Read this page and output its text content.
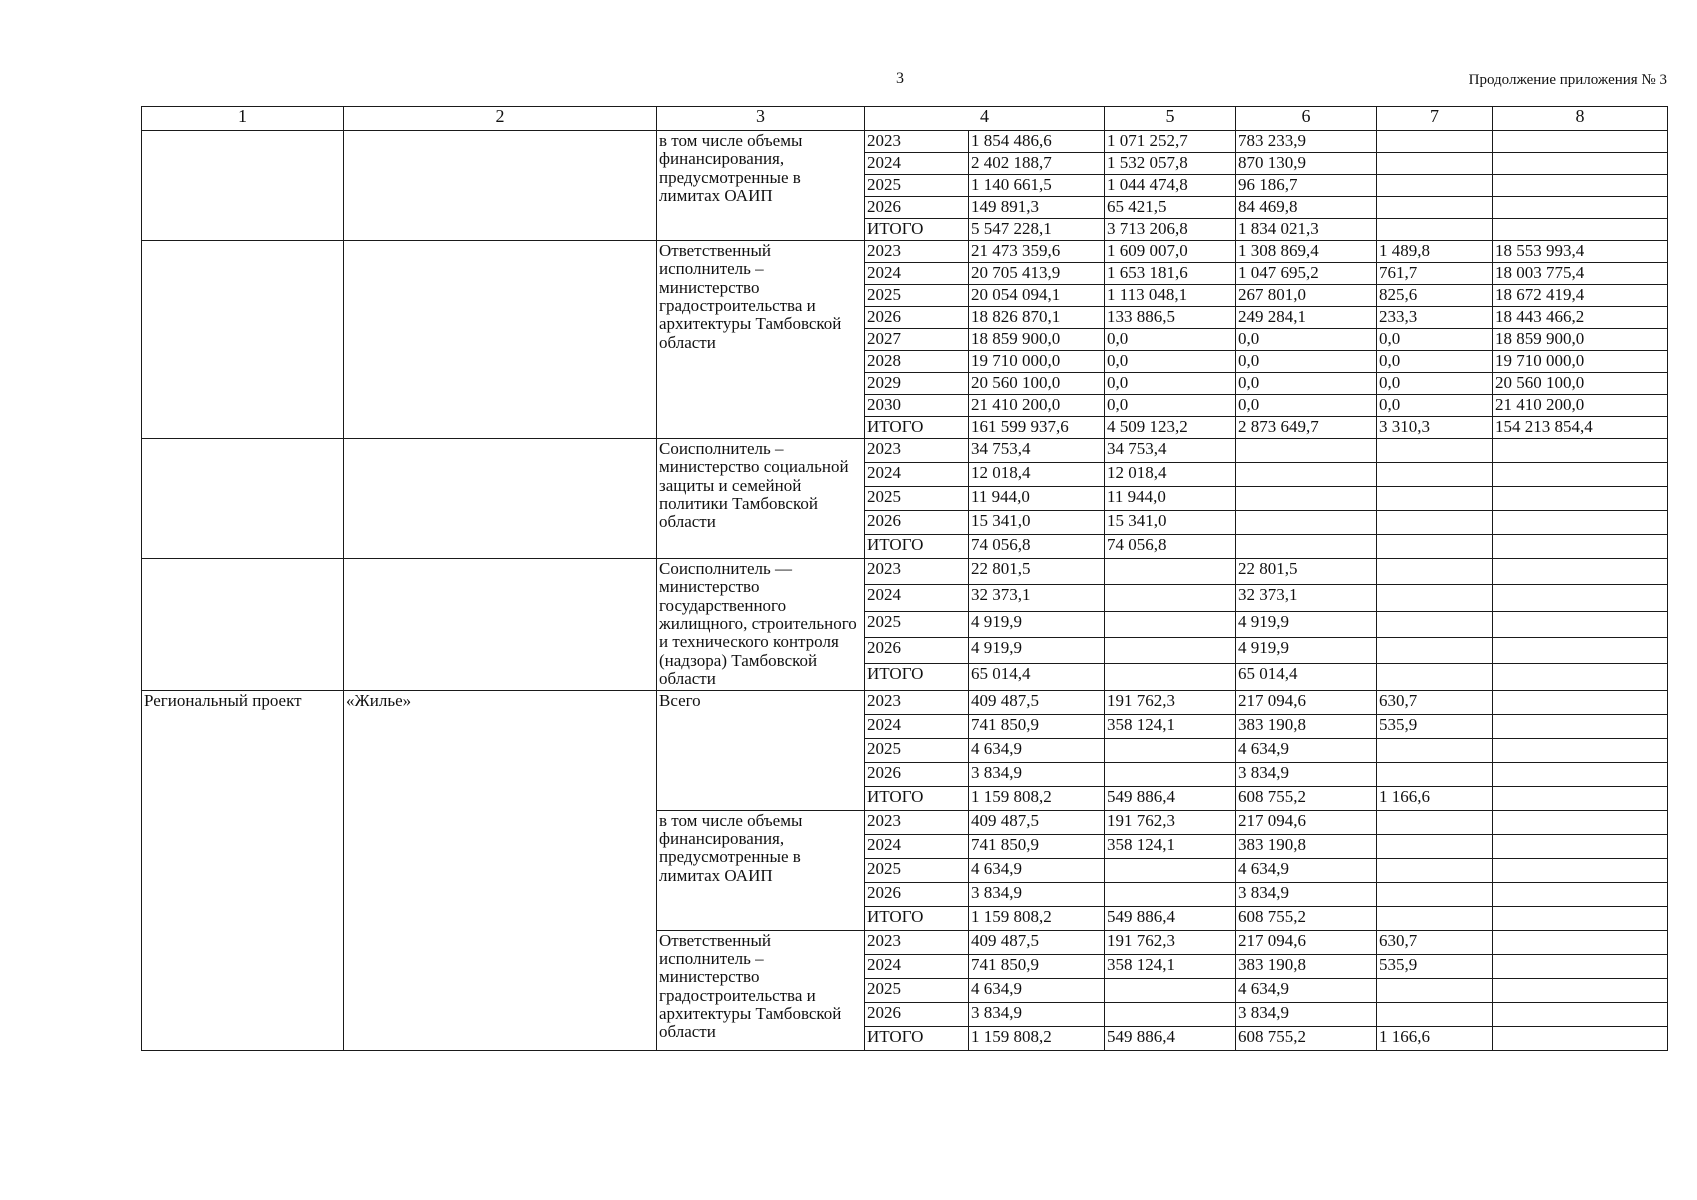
3	Продолжение приложения № 3
1	2	3	4		5	6	7	8
		в том числе объемы финансирования, предусмотренные в лимитах ОАИП	2023	1 854 486,6	1 071 252,7	783 233,9		
			2024	2 402 188,7	1 532 057,8	870 130,9		
			2025	1 140 661,5	1 044 474,8	96 186,7		
			2026	149 891,3	65 421,5	84 469,8		
			ИТОГО	5 547 228,1	3 713 206,8	1 834 021,3		
		Ответственный исполнитель – министерство градостроительства и архитектуры Тамбовской области	2023	21 473 359,6	1 609 007,0	1 308 869,4	1 489,8	18 553 993,4
			2024	20 705 413,9	1 653 181,6	1 047 695,2	761,7	18 003 775,4
			2025	20 054 094,1	1 113 048,1	267 801,0	825,6	18 672 419,4
			2026	18 826 870,1	133 886,5	249 284,1	233,3	18 443 466,2
			2027	18 859 900,0	0,0	0,0	0,0	18 859 900,0
			2028	19 710 000,0	0,0	0,0	0,0	19 710 000,0
			2029	20 560 100,0	0,0	0,0	0,0	20 560 100,0
			2030	21 410 200,0	0,0	0,0	0,0	21 410 200,0
			ИТОГО	161 599 937,6	4 509 123,2	2 873 649,7	3 310,3	154 213 854,4
		Соисполнитель – министерство социальной защиты и семейной политики Тамбовской области	2023	34 753,4	34 753,4			
			2024	12 018,4	12 018,4			
			2025	11 944,0	11 944,0			
			2026	15 341,0	15 341,0			
			ИТОГО	74 056,8	74 056,8			
		Соисполнитель — министерство государственного жилищного, строительного и технического контроля (надзора) Тамбовской области	2023	22 801,5		22 801,5		
			2024	32 373,1		32 373,1		
			2025	4 919,9		4 919,9		
			2026	4 919,9		4 919,9		
			ИТОГО	65 014,4		65 014,4		
Региональный проект	«Жилье»	Всего	2023	409 487,5	191 762,3	217 094,6	630,7	
			2024	741 850,9	358 124,1	383 190,8	535,9	
			2025	4 634,9		4 634,9		
			2026	3 834,9		3 834,9		
			ИТОГО	1 159 808,2	549 886,4	608 755,2	1 166,6	
		в том числе объемы финансирования, предусмотренные в лимитах ОАИП	2023	409 487,5	191 762,3	217 094,6		
			2024	741 850,9	358 124,1	383 190,8		
			2025	4 634,9		4 634,9		
			2026	3 834,9		3 834,9		
			ИТОГО	1 159 808,2	549 886,4	608 755,2		
		Ответственный исполнитель – министерство градостроительства и архитектуры Тамбовской области	2023	409 487,5	191 762,3	217 094,6	630,7	
			2024	741 850,9	358 124,1	383 190,8	535,9	
			2025	4 634,9		4 634,9		
			2026	3 834,9		3 834,9		
			ИТОГО	1 159 808,2	549 886,4	608 755,2	1 166,6	
